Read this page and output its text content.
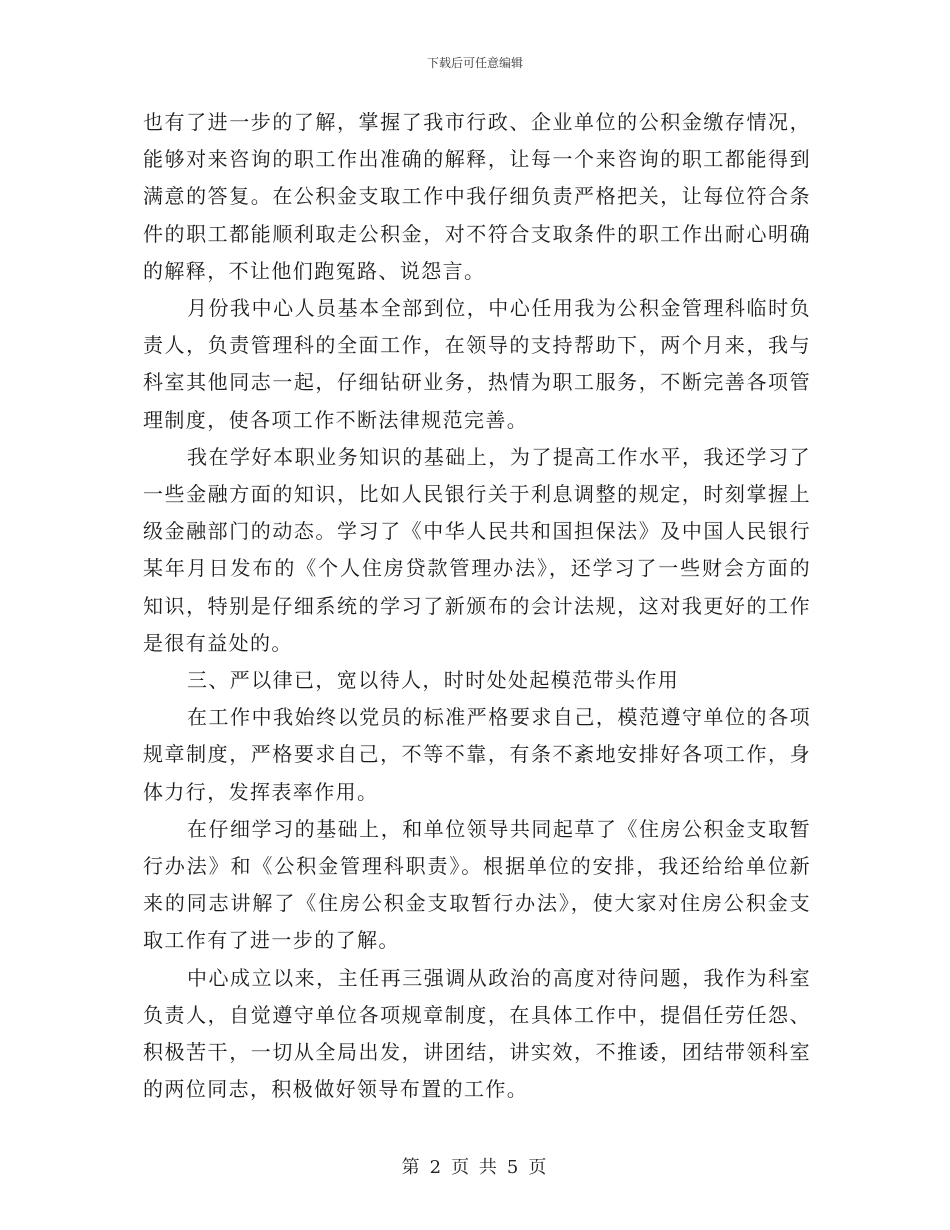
下载后可任意编辑

也有了进一步的了解，掌握了我市行政、企业单位的公积金缴存情况，能够对来咨询的职工作出准确的解释，让每一个来咨询的职工都能得到满意的答复。在公积金支取工作中我仔细负责严格把关，让每位符合条件的职工都能顺利取走公积金，对不符合支取条件的职工作出耐心明确的解释，不让他们跑冤路、说怨言。

月份我中心人员基本全部到位，中心任用我为公积金管理科临时负责人，负责管理科的全面工作，在领导的支持帮助下，两个月来，我与科室其他同志一起，仔细钻研业务，热情为职工服务，不断完善各项管理制度，使各项工作不断法律规范完善。

我在学好本职业务知识的基础上，为了提高工作水平，我还学习了一些金融方面的知识，比如人民银行关于利息调整的规定，时刻掌握上级金融部门的动态。学习了《中华人民共和国担保法》及中国人民银行某年月日发布的《个人住房贷款管理办法》，还学习了一些财会方面的知识，特别是仔细系统的学习了新颁布的会计法规，这对我更好的工作是很有益处的。

三、严以律已，宽以待人，时时处处起模范带头作用

在工作中我始终以党员的标准严格要求自己，模范遵守单位的各项规章制度，严格要求自己，不等不靠，有条不紊地安排好各项工作，身体力行，发挥表率作用。

在仔细学习的基础上，和单位领导共同起草了《住房公积金支取暂行办法》和《公积金管理科职责》。根据单位的安排，我还给给单位新来的同志讲解了《住房公积金支取暂行办法》，使大家对住房公积金支取工作有了进一步的了解。

中心成立以来，主任再三强调从政治的高度对待问题，我作为科室负责人，自觉遵守单位各项规章制度，在具体工作中，提倡任劳任怨、积极苦干，一切从全局出发，讲团结，讲实效，不推诿，团结带领科室的两位同志，积极做好领导布置的工作。

第 2 页 共 5 页
